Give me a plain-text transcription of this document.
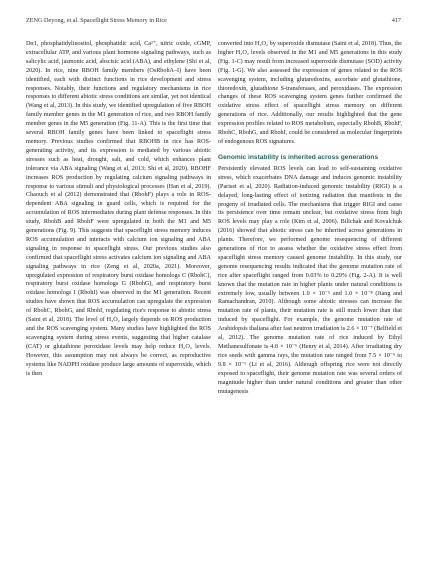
ZENG Deyong, et al. Spaceflight Stress Memory in Rice	417

Dα1, phosphatidylinositol, phosphatidic acid, Ca²⁺, nitric oxide, cGMP, extracellular ATP, and various plant hormone signaling pathways, such as salicylic acid, jasmonic acid, abscisic acid (ABA), and ethylene (Shi et al, 2020). In rice, nine RBOH family members (OsRbohA–I) have been identified, each with distinct functions in rice development and stress responses. Notably, their functions and regulatory mechanisms in rice responses to different abiotic stress conditions are similar, yet not identical (Wang et al, 2013). In this study, we identified upregulation of five RBOH family member genes in the M1 generation of rice, and two RBOH family member genes in the M5 generation (Fig. 11-A). This is the first time that several RBOH family genes have been linked to spaceflight stress memory. Previous studies confirmed that RBOHB in rice has ROS-generating activity, and its expression is mediated by various abiotic stresses such as heat, drought, salt, and cold, which enhances plant tolerance via ABA signaling (Wang et al, 2013; Shi et al, 2020). RBOHF increases ROS production by regulating calcium signaling pathways in response to various stimuli and physiological processes (Han et al, 2019). Chaouch et al (2012) demonstrated that (RbohF) plays a role in ROS-dependent ABA signaling in guard cells, which is required for the accumulation of ROS intermediates during plant defense responses. In this study, RbohB and RbohF were upregulated in both the M1 and M5 generations (Fig. 9). This suggests that spaceflight stress memory induces ROS accumulation and interacts with calcium ion signaling and ABA signaling in response to spaceflight stress. Our previous studies also confirmed that spaceflight stress activates calcium ion signaling and ABA signaling pathways in rice (Zeng et al, 2020a, 2021). Moreover, upregulated expression of respiratory burst oxidase homologs C (RbohC), respiratory burst oxidase homologs G (RbohG), and respiratory burst oxidase homologs I (RbohI) was observed in the M1 generation. Recent studies have shown that ROS accumulation can upregulate the expression of RbohC, RbohG, and RbohI, regulating rice's response to abiotic stress (Saini et al, 2018). The level of H₂O₂ largely depends on ROS production and the ROS scavenging system. Many studies have highlighted the ROS scavenging system during stress events, suggesting that higher catalase (CAT) or glutathione peroxidase levels may help reduce H₂O₂ levels. However, this assumption may not always be correct, as reproductive systems like NADPH oxidase produce large amounts of superoxide, which is then

converted into H₂O₂ by superoxide dismutase (Saini et al, 2018). Thus, the higher H₂O₂ levels observed in the M1 and M5 generations in this study (Fig. 1-C) may result from increased superoxide dismutase (SOD) activity (Fig. 1-G). We also assessed the expression of genes related to the ROS scavenging system, including glutaredoxins, ascorbate and glutathione, thioredoxin, glutathione S-transferases, and peroxidases. The expression changes of these ROS scavenging system genes further confirmed the oxidative stress effect of spaceflight stress memory on different generations of rice. Additionally, our results highlighted that the gene expression profiles related to ROS metabolism, especially RbohB, RbohF, RbohC, RbohG, and RbohI, could be considered as molecular fingerprints of endogenous ROS signatures.

Genomic instability is inherited across generations

Persistently elevated ROS levels can lead to self-sustaining oxidative stress, which exacerbates DNA damage and induces genomic instability (Pariset et al, 2020). Radiation-induced genomic instability (RIGI) is a delayed, long-lasting effect of ionizing radiation that manifests in the progeny of irradiated cells. The mechanisms that trigger RIGI and cause its persistence over time remain unclear, but oxidative stress from high ROS levels may play a role (Kim et al, 2006). Bilichak and Kovalchuk (2016) showed that abiotic stress can be inherited across generations in plants. Therefore, we performed genome resequencing of different generations of rice to assess whether the oxidative stress effect from spaceflight stress memory caused genome instability. In this study, our genome resequencing results indicated that the genome mutation rate of rice after spaceflight ranged from 0.03% to 0.29% (Fig. 2-A). It is well known that the mutation rate in higher plants under natural conditions is extremely low, usually between 1.0 × 10⁻⁵ and 1.0 × 10⁻⁸ (Jiang and Ramachandran, 2010). Although some abiotic stresses can increase the mutation rate of plants, their mutation rate is still much lower than that induced by spaceflight. For example, the genome mutation rate of Arabidopsis thaliana after fast neutron irradiation is 2.6 × 10⁻⁷ (Belfield et al, 2012). The genome mutation rate of rice induced by Ethyl Methanesulfonate is 4.8 × 10⁻⁶ (Henry et al, 2014). After irradiating dry rice seeds with gamma rays, the mutation rate ranged from 7.5 × 10⁻⁶ to 9.8 × 10⁻⁶ (Li et al, 2016). Although offspring rice were not directly exposed to spaceflight, their genome mutation rate was several orders of magnitude higher than under natural conditions and greater than other mutagenesis
